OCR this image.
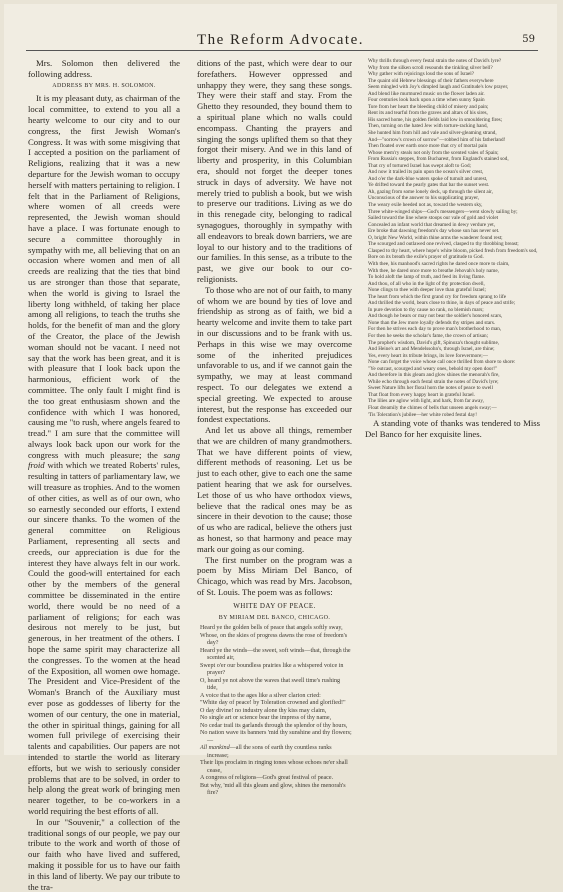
The Reform Advocate.	59

Mrs. Solomon then delivered the following address.

ADDRESS BY MRS. H. SOLOMON.

It is my pleasant duty, as chairman of the local committee, to extend to you all a hearty welcome to our city and to our congress, the first Jewish Woman's Congress. It was with some misgiving that I accepted a position on the parliament of Religions, realizing that it was a new departure for the Jewish woman to occupy herself with matters pertaining to religion. I felt that in the Parliament of Religions, where women of all creeds were represented, the Jewish woman should have a place. I was fortunate enough to secure a committee thoroughly in sympathy with me, all believing that on an occasion where women and men of all creeds are realizing that the ties that bind us are stronger than those that separate, when the world is giving to Israel the liberty long withheld, of taking her place among all religions, to teach the truths she holds, for the benefit of man and the glory of the Creator, the place of the Jewish woman should not be vacant. I need not say that the work has been great, and it is with pleasure that I look back upon the harmonious, efficient work of the committee. The only fault I might find is the too great enthusiasm shown and the confidence with which I was honored, causing me "to rush, where angels feared to tread." I am sure that the committee will always look back upon our work for the congress with much pleasure; the sang froid with which we treated Roberts' rules, resulting in tatters of parliamentary law, we will treasure as trophies. And to the women of other cities, as well as of our own, who so earnestly seconded our efforts, I extend our sincere thanks. To the women of the general committee on Religious Parliament, representing all sects and creeds, our appreciation is due for the interest they have always felt in our work. Could the good-will entertained for each other by the members of the general committee be disseminated in the entire world, there would be no need of a parliament of religions; for each was desirous not merely to be just, but generous, in her treatment of the others. I hope the same spirit may characterize all the congresses. To the women at the head of the Exposition, all women owe homage. The President and Vice-President of the Woman's Branch of the Auxiliary must ever pose as goddesses of liberty for the women of our century, the one in material, the other in spiritual things, gaining for all women full privilege of exercising their talents and capabilities. Our papers are not intended to startle the world as literary efforts, but we wish to seriously consider problems that are to be solved, in order to help along the great work of bringing men nearer together, to be co-workers in a world requiring the best efforts of all.

In our "Souvenir," a collection of the traditional songs of our people, we pay our tribute to the work and worth of those of our faith who have lived and suffered, making it possible for us to have our faith in this land of liberty. We pay our tribute to the tra-

ditions of the past, which were dear to our forefathers. However oppressed and unhappy they were, they sang these songs. They were their staff and stay. From the Ghetto they resounded, they bound them to a spiritual plane which no walls could encompass. Chanting the prayers and singing the songs uplifted them so that they forgot their misery. And we in this land of liberty and prosperity, in this Columbian era, should not forget the deeper tones struck in days of adversity. We have not merely tried to publish a book, but we wish to preserve our traditions. Living as we do in this renegade city, belonging to radical synagogues, thoroughly in sympathy with all endeavors to break down barriers, we are loyal to our history and to the traditions of our families. In this sense, as a tribute to the past, we give our book to our co-religionists.

To those who are not of our faith, to many of whom we are bound by ties of love and friendship as strong as of faith, we bid a hearty welcome and invite them to take part in our discussions and to be frank with us. Perhaps in this wise we may overcome some of the inherited prejudices unfavorable to us, and if we cannot gain the sympathy, we may at least command respect. To our delegates we extend a special greeting. We expected to arouse interest, but the response has exceeded our fondest expectations.

And let us above all things, remember that we are children of many grandmothers. That we have different points of view, different methods of reasoning. Let us be just to each other, give to each one the same patient hearing that we ask for ourselves. Let those of us who have orthodox views, believe that the radical ones may be as sincere in their devotion to the cause; those of us who are radical, believe the others just as honest, so that harmony and peace may mark our going as our coming.

The first number on the program was a poem by Miss Miriam Del Banco, of Chicago, which was read by Mrs. Jacobson, of St. Louis. The poem was as follows:

WHITE DAY OF PEACE.
BY MIRIAM DEL BANCO, CHICAGO.
Heard ye the golden bells of peace that angels softly sway,
Whose, on the skies of progress dawns the rose of freedom's day?
Heard ye the winds—the sweet, soft winds—that, through the scented air,
Swept o'er our boundless prairies like a whispered voice in prayer?
O, heard ye not above the waves that swell time's rushing tide,
A voice that to the ages like a silver clarion cried:
"White day of peace! by Toleration crowned and glorified!"
O day divine! no industry alone thy kiss may claim,
No single art or science bear the impress of thy name,
No cedar trail its garlands through the splendor of thy hours,
No nation wave its banners 'mid thy sunshine and thy flowers;—
All mankind—all the sons of earth thy countless ranks increase;
Their lips proclaim in ringing tones whose echoes ne'er shall cease,
A congress of religions—God's great festival of peace.
But why, 'mid all this gleam and glow, shines the menorah's fire?
Why thrills through every festal strain the notes of David's lyre?
Why from the silken scroll resounds the tinkling silver bell?
Why gather with rejoicings loud the sons of Israel?
The quaint old Hebrew blessings of their fathers everywhere
Seem mingled with Joy's dimpled laugh and Gratitude's low prayer,
And blend like murmured music on the flower laden air.
Four centuries look back upon a time when sunny Spain
Tore from her heart the bleeding child of misery and pain;
Rent its and tearful from the graves and altars of his sires,
His sacred home, his golden fields laid low in smouldering fires;
Then, turning on the hated Jew with torture-racking hand,
She hunted him from hill and vale and silver-gleaming strand,
And—"sorrow's crown of sorrow"—robbed him of his fatherland!
Then floated over earth once more that cry of mortal pain
Whose mem'ry steals not only from the scented vales of Spain;
From Russia's steppes, from Bucharest, from England's stained sod,
That cry of tortured Israel has swept aloft to God;
And now it trailed its pain upon the ocean's silver crest,
And o'er the dark-blue waters spoke of tumult and unrest,
Ye drifted toward the pearly gates that bar the sunset west.
Ah, gazing from some lonely deck, up through the silent air,
Unconscious of the answer to his supplicating prayer,
The weary exile heeded not as, toward the western sky,
Three white-winged ships—God's messengers—went slowly sailing by;
Sailed toward the line where stoops our vale of gold and violet
Concealed an infant world that dreamed in dewy verdure yet,
Ere broke that dawning freedom's day whose sun has never set.
O, bright New World, within thine arms the wanderer found rest;
The scourged and outlawed one revived, clasped to thy throbbing breast;
Clasped to thy heart, where hope's white bloom, picked fresh from freedom's sod,
Bore on its breath the exile's prayer of gratitude to God.
With thee, his manhood's sacred rights he dared once more to claim,
With thee, he dared once more to breathe Jehovah's holy name,
To hold aloft the lamp of truth, and feed its living flame.
And thou, of all who in the light of thy protection dwell,
None clings to thee with deeper love than grateful Israel;
The heart from which the first grand cry for freedom sprang to life
And thrilled the world, bears close to thine, in days of peace and strife;
In pure devotion to thy cause no rank, no blemish mars;
And though he bears or may not bear the soldier's honored scars,
None than the Jew more loyally defends thy stripes and stars.
For then he strives each day to prove man's brotherhood to man,
For then he seeks the scholar's fame, the crown of artisan;
The prophet's wisdom, David's gift, Spinoza's thought sublime,
And Heine's art and Mendelssohn's, through Israel, are thine;
Yes, every heart its tribute brings, its love forevermore;—
None can forget the voice whose call once thrilled from shore to shore:
"Ye outcast, scourged and weary ones, behold my open door!"
And therefore in this gleam and glow shines the menorah's fire,
While echo through each festal strain the notes of David's lyre;
Sweet Nature lifts her floral horn the notes of peace to swell
That float from every happy heart in grateful Israel.
The lilies are aglow with light, and hark, from far away,
Float dreamily the chimes of bells that unseen angels sway;—
'Tis Toleration's jubilee—her white robed festal day!

A standing vote of thanks was tendered to Miss Del Banco for her exquisite lines.
